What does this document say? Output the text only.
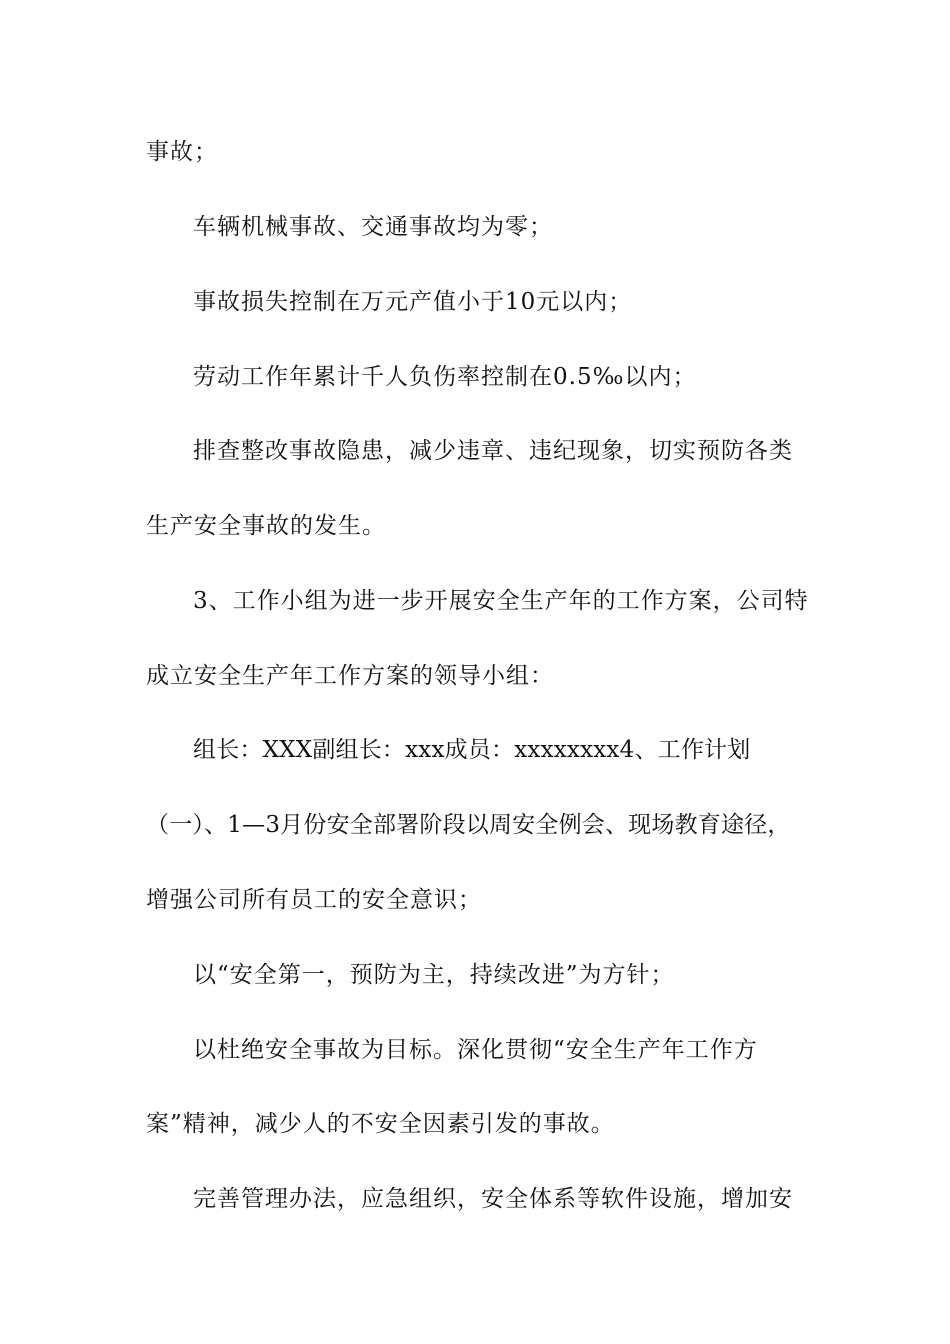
事故；
车辆机械事故、交通事故均为零；
事故损失控制在万元产值小于10元以内；
劳动工作年累计千人负伤率控制在0.5‰以内；
排查整改事故隐患，减少违章、违纪现象，切实预防各类
生产安全事故的发生。
3、工作小组为进一步开展安全生产年的工作方案，公司特
成立安全生产年工作方案的领导小组：
组长：XXX副组长：xxx成员：xxxxxxxx4、工作计划
（一）、1—3月份安全部署阶段以周安全例会、现场教育途径，
增强公司所有员工的安全意识；
以“安全第一，预防为主，持续改进”为方针；
以杜绝安全事故为目标。深化贯彻“安全生产年工作方
案”精神，减少人的不安全因素引发的事故。
完善管理办法，应急组织，安全体系等软件设施，增加安
